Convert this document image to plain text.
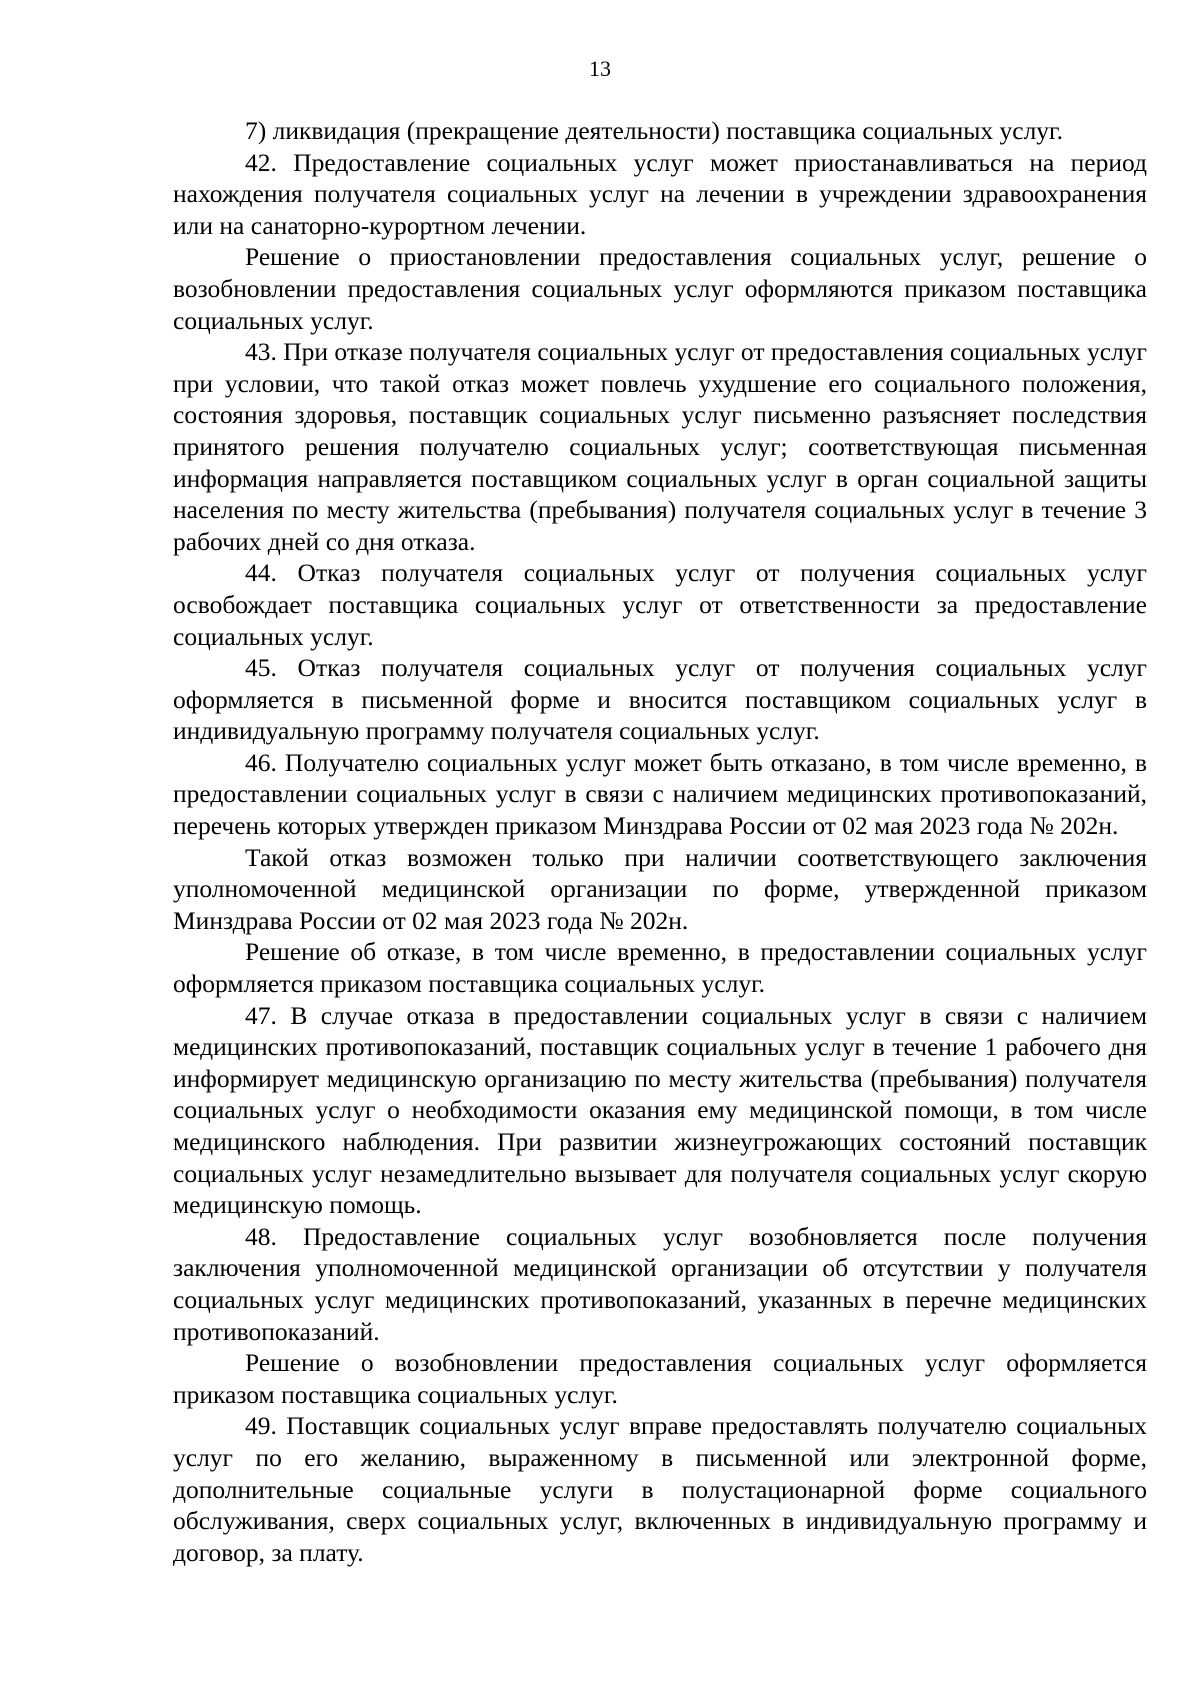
13

7) ликвидация (прекращение деятельности) поставщика социальных услуг.

42. Предоставление социальных услуг может приостанавливаться на период нахождения получателя социальных услуг на лечении в учреждении здравоохранения или на санаторно-курортном лечении.

Решение о приостановлении предоставления социальных услуг, решение о возобновлении предоставления социальных услуг оформляются приказом поставщика социальных услуг.

43. При отказе получателя социальных услуг от предоставления социальных услуг при условии, что такой отказ может повлечь ухудшение его социального положения, состояния здоровья, поставщик социальных услуг письменно разъясняет последствия принятого решения получателю социальных услуг; соответствующая письменная информация направляется поставщиком социальных услуг в орган социальной защиты населения по месту жительства (пребывания) получателя социальных услуг в течение 3 рабочих дней со дня отказа.

44. Отказ получателя социальных услуг от получения социальных услуг освобождает поставщика социальных услуг от ответственности за предоставление социальных услуг.

45. Отказ получателя социальных услуг от получения социальных услуг оформляется в письменной форме и вносится поставщиком социальных услуг в индивидуальную программу получателя социальных услуг.

46. Получателю социальных услуг может быть отказано, в том числе временно, в предоставлении социальных услуг в связи с наличием медицинских противопоказаний, перечень которых утвержден приказом Минздрава России от 02 мая 2023 года № 202н.

Такой отказ возможен только при наличии соответствующего заключения уполномоченной медицинской организации по форме, утвержденной приказом Минздрава России от 02 мая 2023 года № 202н.

Решение об отказе, в том числе временно, в предоставлении социальных услуг оформляется приказом поставщика социальных услуг.

47. В случае отказа в предоставлении социальных услуг в связи с наличием медицинских противопоказаний, поставщик социальных услуг в течение 1 рабочего дня информирует медицинскую организацию по месту жительства (пребывания) получателя социальных услуг о необходимости оказания ему медицинской помощи, в том числе медицинского наблюдения. При развитии жизнеугрожающих состояний поставщик социальных услуг незамедлительно вызывает для получателя социальных услуг скорую медицинскую помощь.

48. Предоставление социальных услуг возобновляется после получения заключения уполномоченной медицинской организации об отсутствии у получателя социальных услуг медицинских противопоказаний, указанных в перечне медицинских противопоказаний.

Решение о возобновлении предоставления социальных услуг оформляется приказом поставщика социальных услуг.

49. Поставщик социальных услуг вправе предоставлять получателю социальных услуг по его желанию, выраженному в письменной или электронной форме, дополнительные социальные услуги в полустационарной форме социального обслуживания, сверх социальных услуг, включенных в индивидуальную программу и договор, за плату.
